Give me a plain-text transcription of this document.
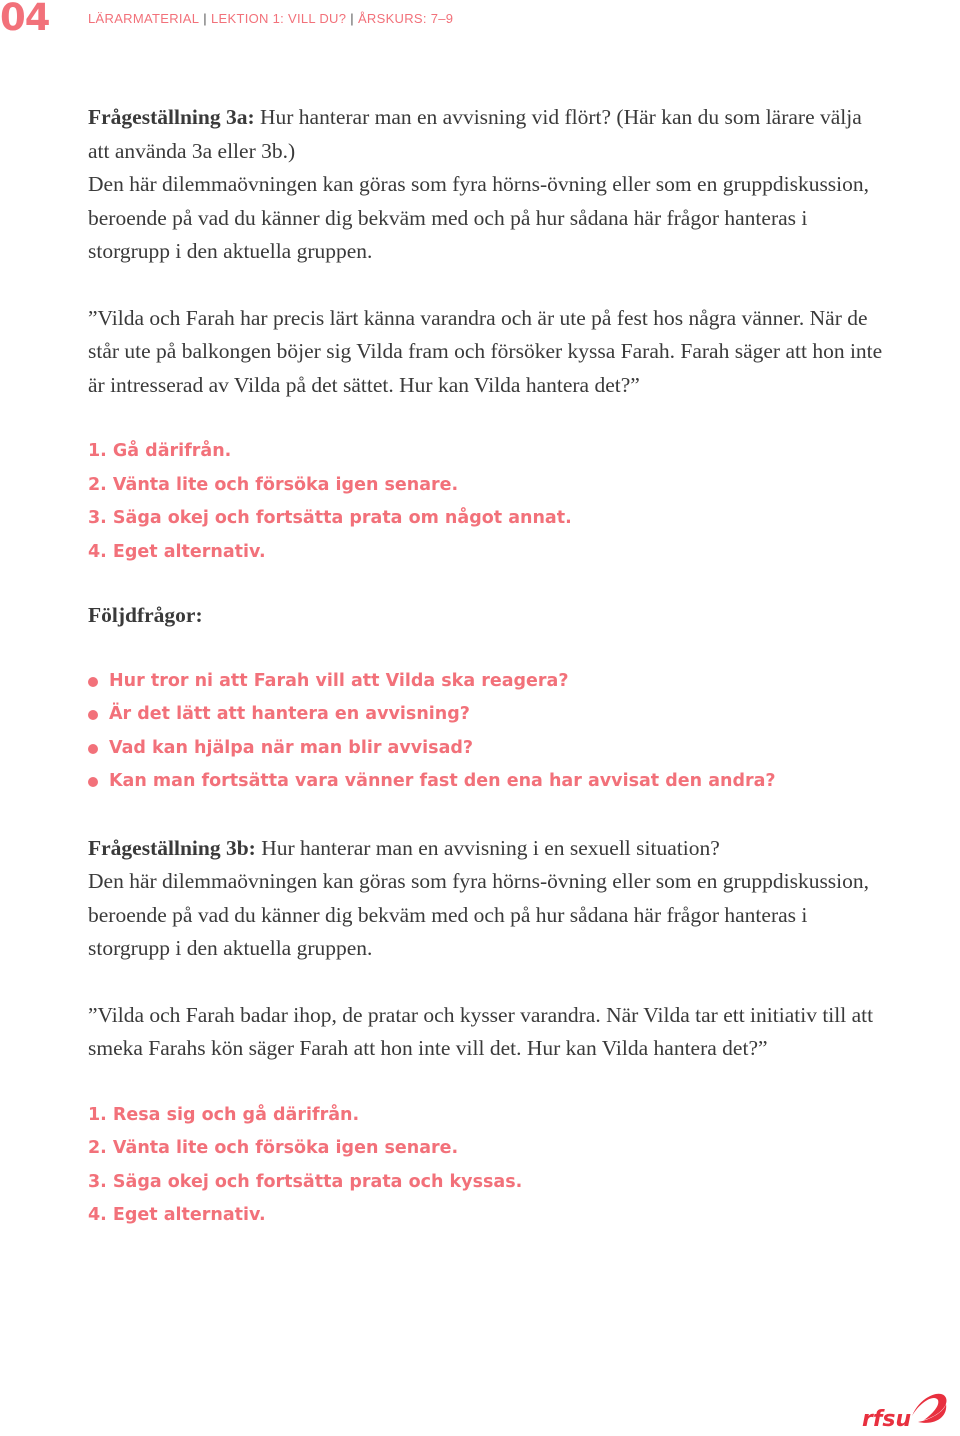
04	LÄRARMATERIAL | LEKTION 1: VILL DU? | ÅRSKURS: 7–9

Frågeställning 3a: Hur hanterar man en avvisning vid flört? (Här kan du som lärare välja att använda 3a eller 3b.)

Den här dilemmaövningen kan göras som fyra hörns-övning eller som en gruppdiskussion, beroende på vad du känner dig bekväm med och på hur sådana här frågor hanteras i storgrupp i den aktuella gruppen.

”Vilda och Farah har precis lärt känna varandra och är ute på fest hos några vänner. När de står ute på balkongen böjer sig Vilda fram och försöker kyssa Farah. Farah säger att hon inte är intresserad av Vilda på det sättet. Hur kan Vilda hantera det?”

1. Gå därifrån.
2. Vänta lite och försöka igen senare.
3. Säga okej och fortsätta prata om något annat.
4. Eget alternativ.
Följdfrågor:
Hur tror ni att Farah vill att Vilda ska reagera?
Är det lätt att hantera en avvisning?
Vad kan hjälpa när man blir avvisad?
Kan man fortsätta vara vänner fast den ena har avvisat den andra?

Frågeställning 3b: Hur hanterar man en avvisning i en sexuell situation?

Den här dilemmaövningen kan göras som fyra hörns-övning eller som en gruppdiskussion, beroende på vad du känner dig bekväm med och på hur sådana här frågor hanteras i storgrupp i den aktuella gruppen.

”Vilda och Farah badar ihop, de pratar och kysser varandra. När Vilda tar ett initiativ till att smeka Farahs kön säger Farah att hon inte vill det. Hur kan Vilda hantera det?”

1. Resa sig och gå därifrån.
2. Vänta lite och försöka igen senare.
3. Säga okej och fortsätta prata och kyssas.
4. Eget alternativ.
rfsu
